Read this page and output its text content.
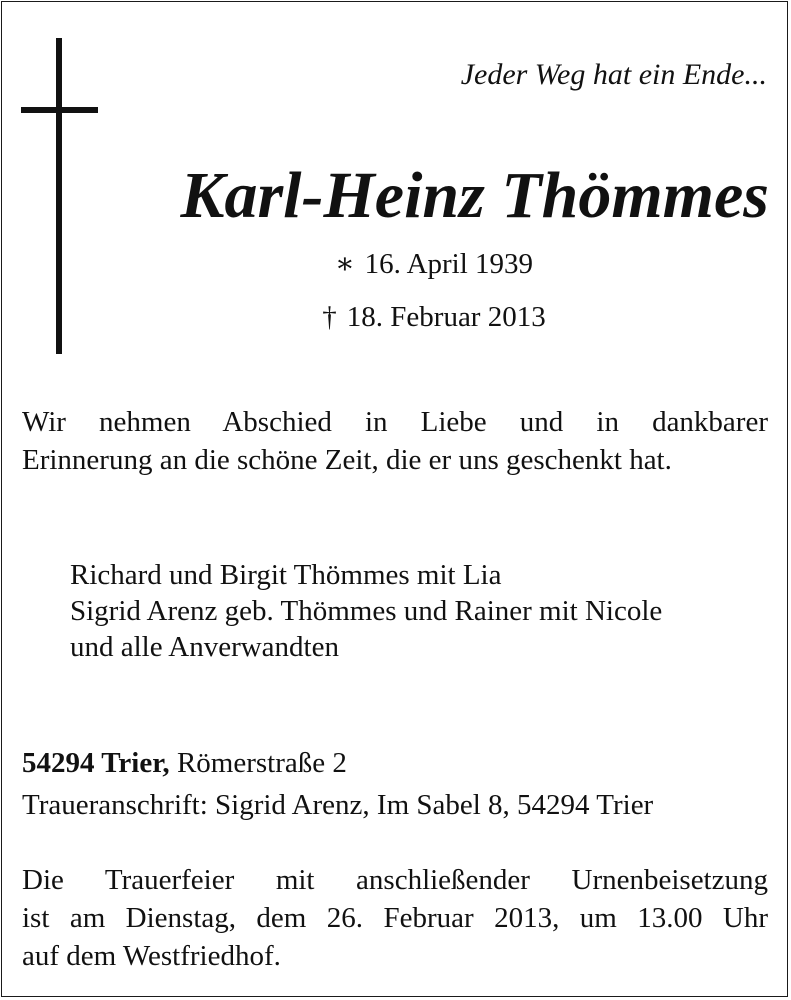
Jeder Weg hat ein Ende...
Karl-Heinz Thömmes
∗ 16. April 1939
† 18. Februar 2013
Wir nehmen Abschied in Liebe und in dankbarer
Erinnerung an die schöne Zeit, die er uns geschenkt hat.
Richard und Birgit Thömmes mit Lia
Sigrid Arenz geb. Thömmes und Rainer mit Nicole
und alle Anverwandten
54294 Trier, Römerstraße 2
Traueranschrift: Sigrid Arenz, Im Sabel 8, 54294 Trier
Die Trauerfeier mit anschließender Urnenbeisetzung
ist am Dienstag, dem 26. Februar 2013, um 13.00 Uhr
auf dem Westfriedhof.
